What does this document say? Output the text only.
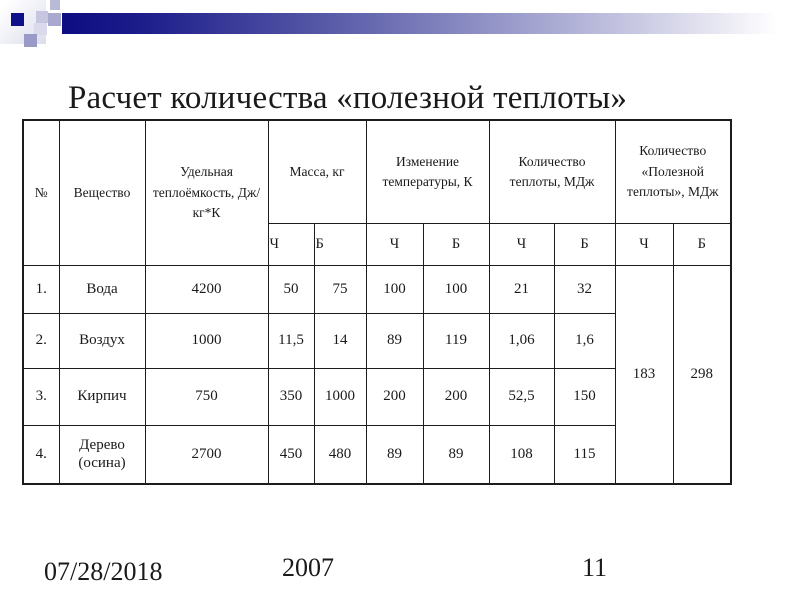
Расчет количества «полезной теплоты»
№	Вещество	Удельная теплоёмкость, Дж/кг*К	Масса, кг		Изменение температуры, К		Количество теплоты, МДж		Количество «Полезной теплоты», МДж	
			Ч	Б	Ч	Б	Ч	Б	Ч	Б
1.	Вода	4200	50	75	100	100	21	32	183	298
2.	Воздух	1000	11,5	14	89	119	1,06	1,6		
3.	Кирпич	750	350	1000	200	200	52,5	150		
4.	Дерево (осина)	2700	450	480	89	89	108	115		
07/28/2018	2007	11
